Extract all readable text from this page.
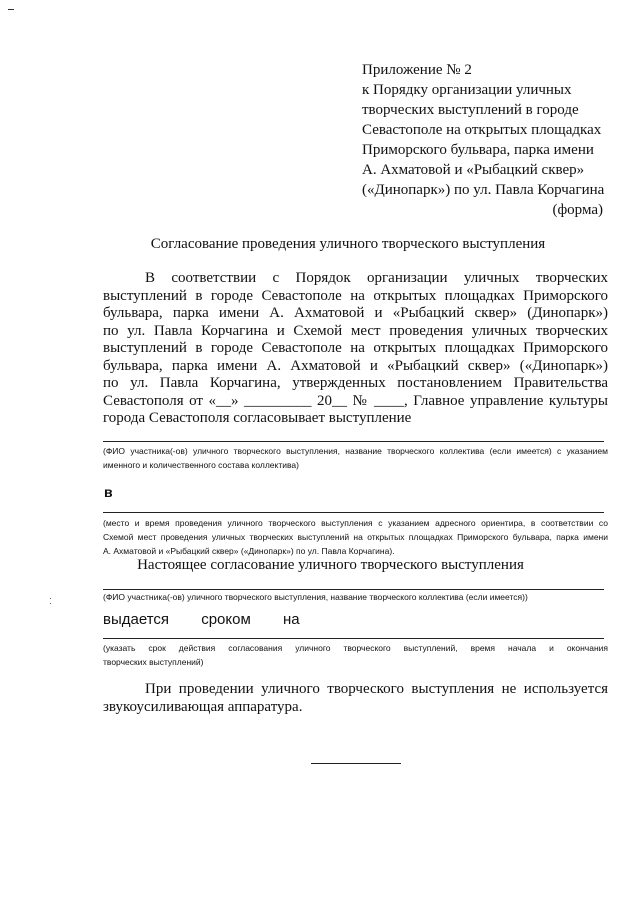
Приложение № 2
к Порядку организации уличных
творческих выступлений в городе
Севастополе на открытых площадках
Приморского бульвара, парка имени
А. Ахматовой и «Рыбацкий сквер»
(«Динопарк») по ул. Павла Корчагина
(форма)
Согласование проведения уличного творческого выступления
В соответствии с Порядок организации уличных творческих
выступлений в городе Севастополе на открытых площадках Приморского
бульвара, парка имени А. Ахматовой и «Рыбацкий сквер» (Динопарк»)
по ул. Павла Корчагина и Схемой мест проведения уличных творческих
выступлений в городе Севастополе на открытых площадках Приморского
бульвара, парка имени А. Ахматовой и «Рыбацкий сквер» («Динопарк»)
по ул. Павла Корчагина, утвержденных постановлением Правительства
Севастополя от «__» _________ 20__ № ____, Главное управление культуры
города Севастополя согласовывает выступление
(ФИО участника(-ов) уличного творческого выступления, название творческого коллектива (если имеется) с указанием
именного и количественного состава коллектива)
в
(место и время проведения уличного творческого выступления с указанием адресного ориентира, в соответствии со
Схемой мест проведения уличных творческих выступлений на открытых площадках Приморского бульвара, парка имени
А. Ахматовой и «Рыбацкий сквер» («Динопарк») по ул. Павла Корчагина).
Настоящее согласование уличного творческого выступления
(ФИО участника(-ов) уличного творческого выступления, название творческого коллектива (если имеется))
выдается сроком на
(указать срок действия согласования уличного творческого выступлений, время начала и окончания
творческих выступлений)
При проведении уличного творческого выступления не используется
звукоусиливающая аппаратура.
